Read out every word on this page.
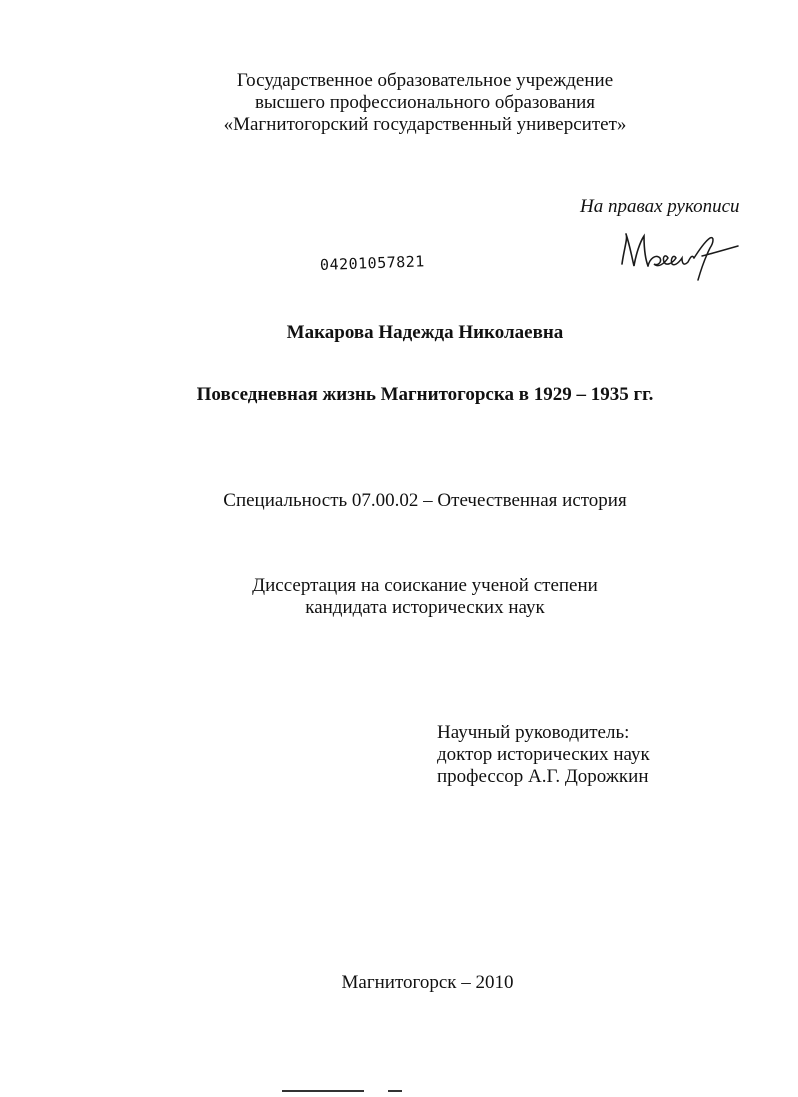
Государственное образовательное учреждение
высшего профессионального образования
«Магнитогорский государственный университет»
На правах рукописи
04201057821
Макарова Надежда Николаевна
Повседневная жизнь Магнитогорска в 1929 – 1935 гг.
Специальность 07.00.02 – Отечественная история
Диссертация на соискание ученой степени
кандидата исторических наук
Научный руководитель:
доктор исторических наук
профессор А.Г. Дорожкин
Магнитогорск – 2010
